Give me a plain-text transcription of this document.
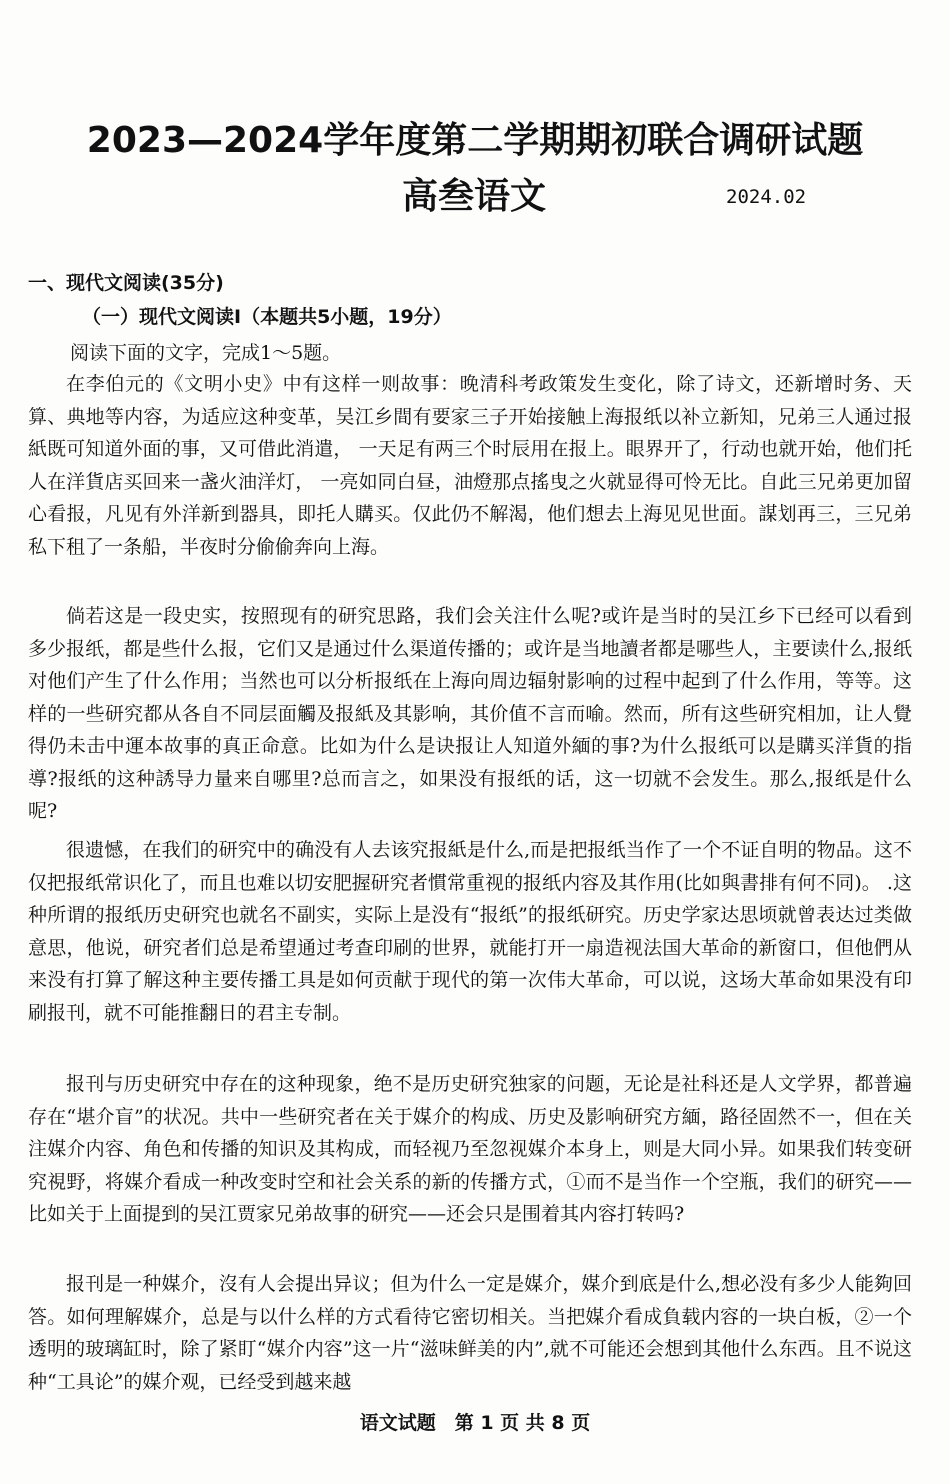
2023—2024学年度第二学期期初联合调研试题
高叁语文	2024.02
一、现代文阅读(35分)
（一）现代文阅读I（本题共5小题，19分）
阅读下面的文字，完成1～5题。

在李伯元的《文明小史》中有这样一则故事：晚清科考政策发生变化，除了诗文，还新增时务、天算、典地等内容，为适应这种变革，吴江乡間有要家三子开始接触上海报纸以补立新知，兄弟三人通过报紙既可知道外面的事，又可借此消遣， 一天足有两三个时辰用在报上。眼界开了，行动也就开始，他们托人在洋貨店买回来一盏火油洋灯， 一亮如同白昼，油燈那点搖曳之火就显得可怜无比。自此三兄弟更加留心看报，凡见有外洋新到器具，即托人購买。仅此仍不解渴，他们想去上海见见世面。謀划再三，三兄弟私下租了一条船，半夜时分偷偷奔向上海。

倘若这是一段史实，按照现有的研究思路，我们会关注什么呢?或许是当时的吴江乡下已经可以看到多少报纸，都是些什么报，它们又是通过什么渠道传播的；或许是当地讀者都是哪些人，主要读什么,报纸对他们产生了什么作用；当然也可以分析报纸在上海向周边辐射影响的过程中起到了什么作用，等等。这样的一些研究都从各自不同层面觸及报紙及其影响，其价值不言而喻。然而，所有这些研究相加，让人覺得仍未击中運本故事的真正命意。比如为什么是诀报让人知道外緬的事?为什么报纸可以是購买洋貨的指導?报纸的这种誘导力量来自哪里?总而言之，如果没有报纸的话，这一切就不会发生。那么,报纸是什么呢?

很遗憾，在我们的研究中的确没有人去该究报紙是什么,而是把报纸当作了一个不证自明的物品。这不仅把报纸常识化了，而且也难以切安肥握研究者慣常重视的报纸内容及其作用(比如與書排有何不同)。 .这种所谓的报纸历史研究也就名不副实，实际上是没有“报纸”的报纸研究。历史学家达思顷就曾表达过类做意思，他说，研究者们总是希望通过考查印刷的世界，就能打开一扇造视法国大革命的新窗口，但他們从来没有打算了解这种主要传播工具是如何贡献于现代的第一次伟大革命，可以说，这场大革命如果没有印刷报刊，就不可能推翻日的君主专制。

报刊与历史研究中存在的这种现象，绝不是历史研究独家的问题，无论是社科还是人文学界，都普遍存在“堪介盲”的状况。共中一些研究者在关于媒介的构成、历史及影响研究方緬，路径固然不一，但在关注媒介内容、角色和传播的知识及其构成，而轻视乃至忽视媒介本身上，则是大同小异。如果我们转变研究視野，将媒介看成一种改变时空和社会关系的新的传播方式，①而不是当作一个空瓶，我们的研究——比如关于上面提到的吴江贾家兄弟故事的研究——还会只是围着其内容打转吗?

报刊是一种媒介，沒有人会提出异议；但为什么一定是媒介，媒介到底是什么,想必没有多少人能夠回答。如何理解媒介，总是与以什么样的方式看待它密切相关。当把媒介看成負载内容的一块白板，②一个透明的玻璃缸时，除了紧盯“媒介内容”这一片“滋味鲜美的内”,就不可能还会想到其他什么东西。且不说这种“工具论”的媒介观，已经受到越来越

语文试题　第 1 页 共 8 页
